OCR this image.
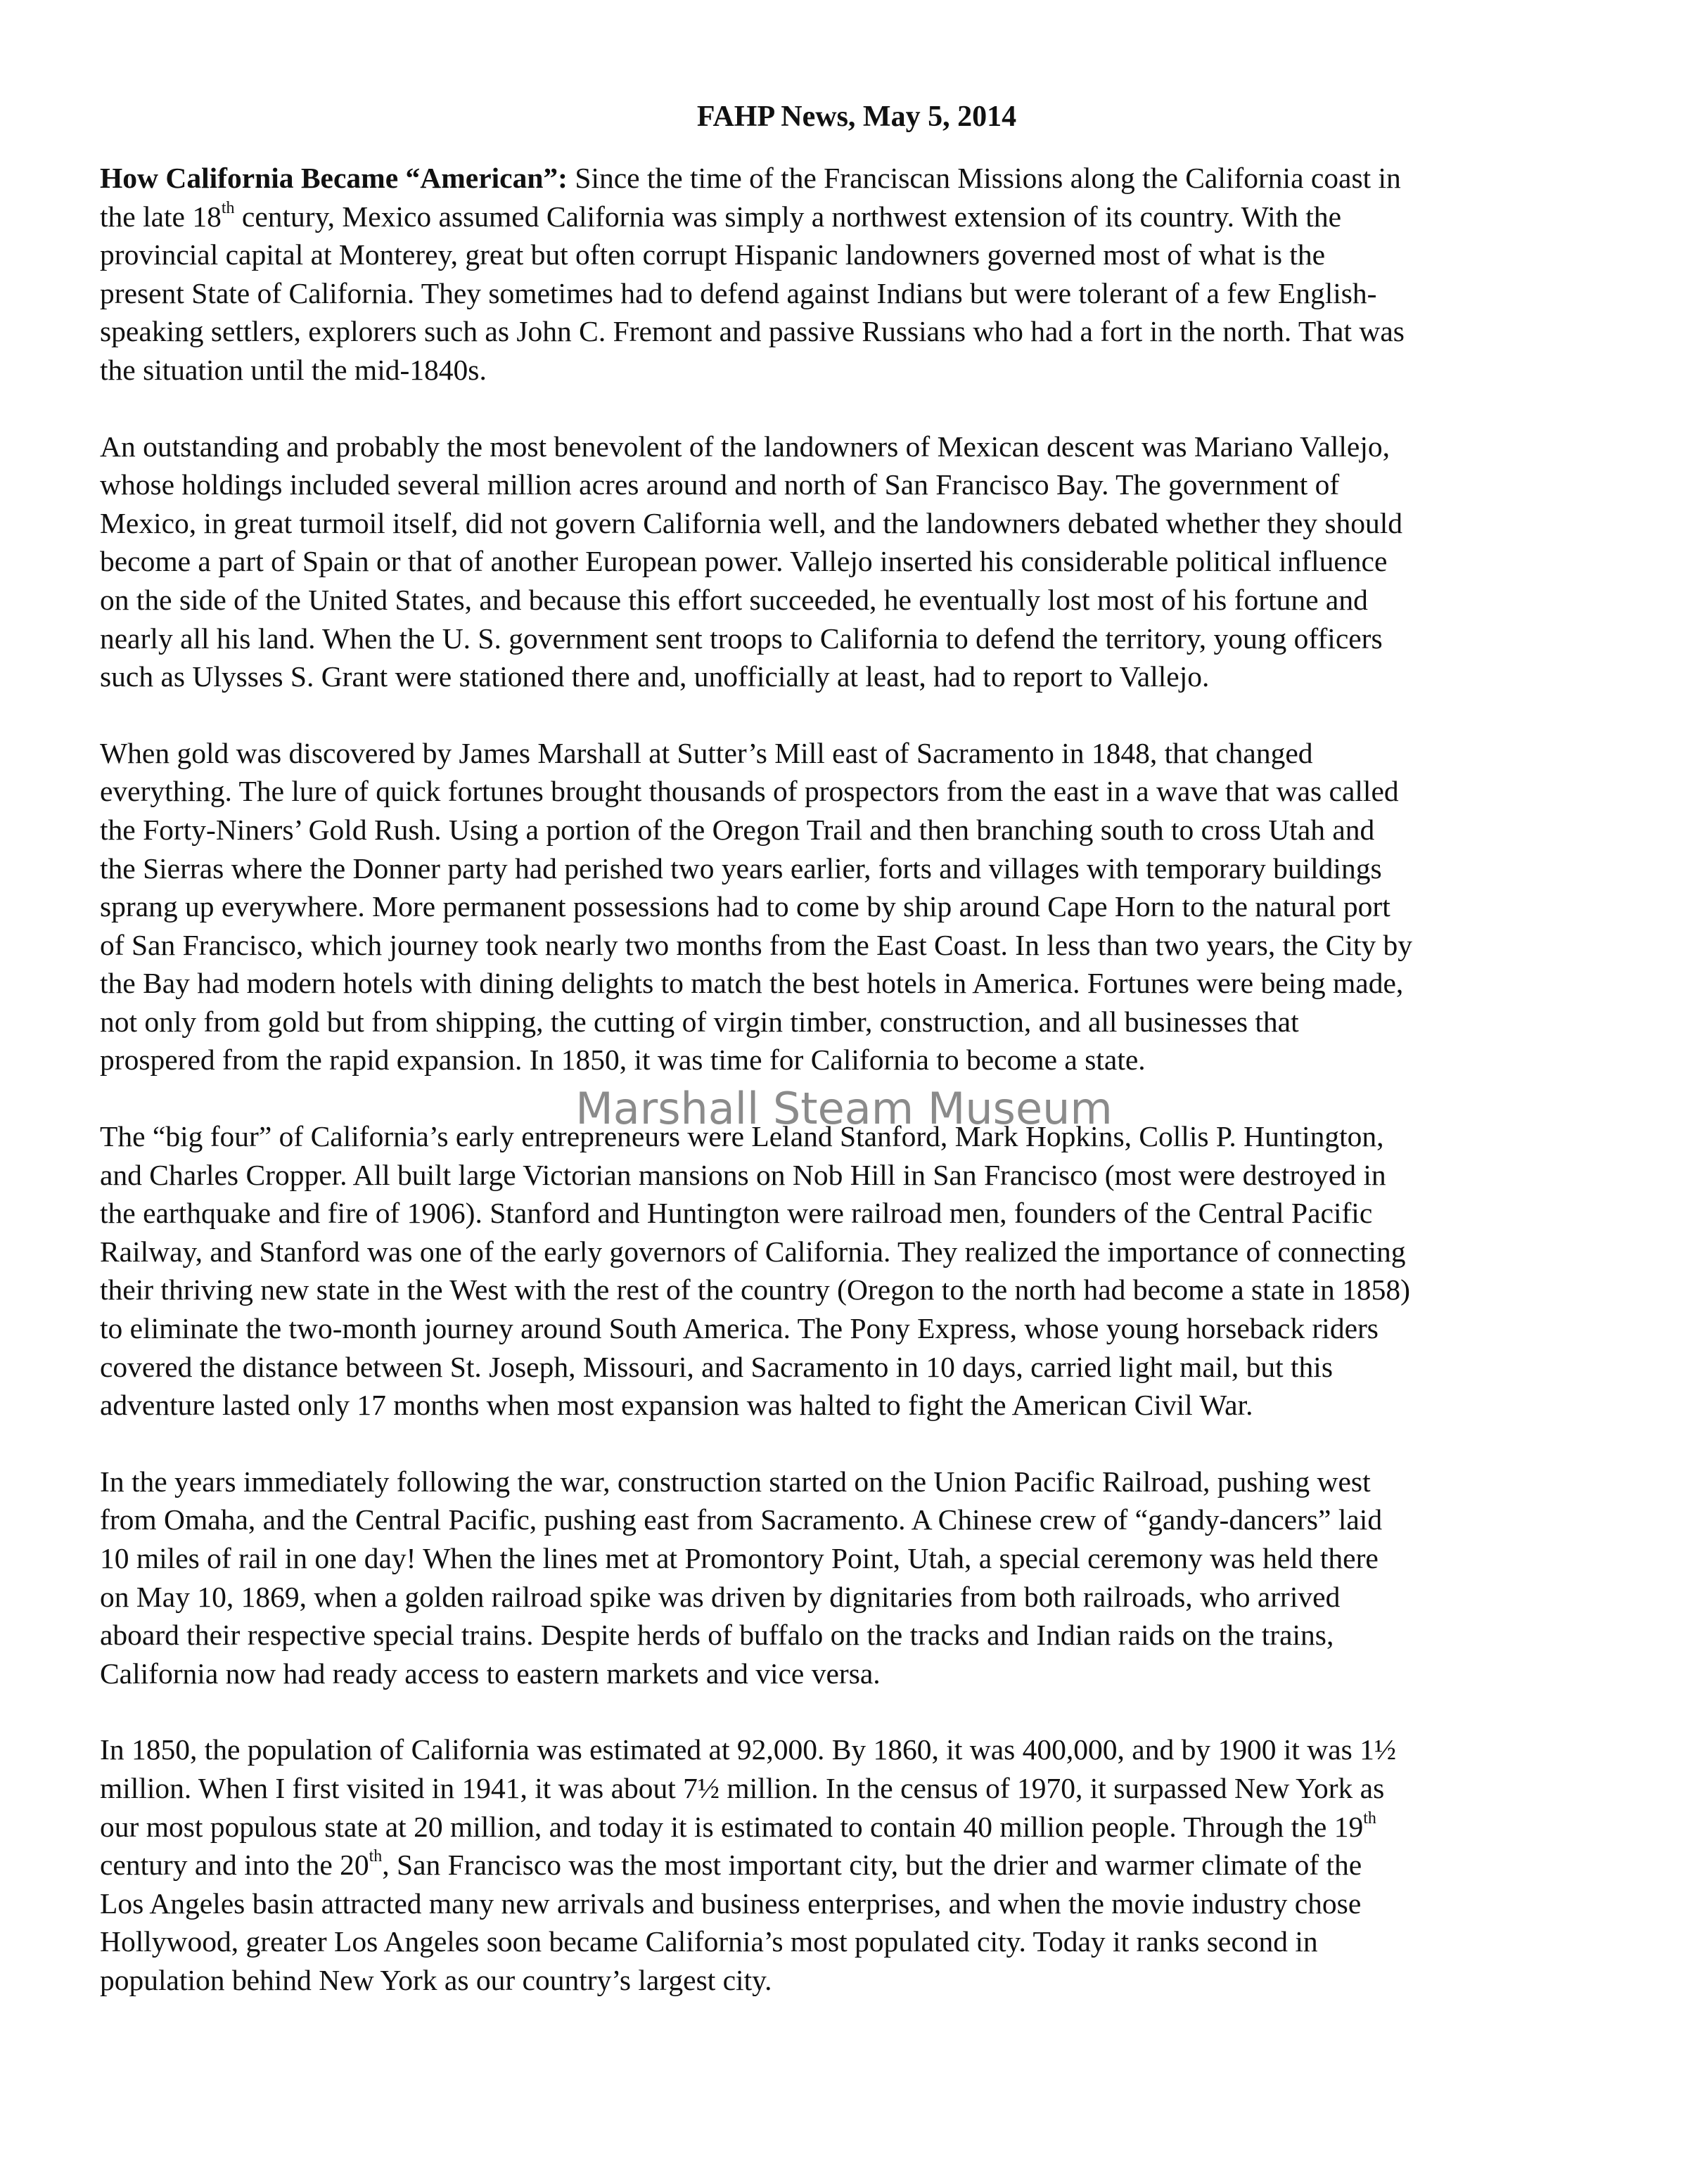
FAHP News, May 5, 2014
How California Became “American”: Since the time of the Franciscan Missions along the California coast in
the late 18th century, Mexico assumed California was simply a northwest extension of its country. With the
provincial capital at Monterey, great but often corrupt Hispanic landowners governed most of what is the
present State of California. They sometimes had to defend against Indians but were tolerant of a few English-
speaking settlers, explorers such as John C. Fremont and passive Russians who had a fort in the north. That was
the situation until the mid-1840s.
An outstanding and probably the most benevolent of the landowners of Mexican descent was Mariano Vallejo,
whose holdings included several million acres around and north of San Francisco Bay. The government of
Mexico, in great turmoil itself, did not govern California well, and the landowners debated whether they should
become a part of Spain or that of another European power. Vallejo inserted his considerable political influence
on the side of the United States, and because this effort succeeded, he eventually lost most of his fortune and
nearly all his land. When the U. S. government sent troops to California to defend the territory, young officers
such as Ulysses S. Grant were stationed there and, unofficially at least, had to report to Vallejo.
When gold was discovered by James Marshall at Sutter’s Mill east of Sacramento in 1848, that changed
everything. The lure of quick fortunes brought thousands of prospectors from the east in a wave that was called
the Forty-Niners’ Gold Rush. Using a portion of the Oregon Trail and then branching south to cross Utah and
the Sierras where the Donner party had perished two years earlier, forts and villages with temporary buildings
sprang up everywhere. More permanent possessions had to come by ship around Cape Horn to the natural port
of San Francisco, which journey took nearly two months from the East Coast. In less than two years, the City by
the Bay had modern hotels with dining delights to match the best hotels in America. Fortunes were being made,
not only from gold but from shipping, the cutting of virgin timber, construction, and all businesses that
prospered from the rapid expansion. In 1850, it was time for California to become a state.
The “big four” of California’s early entrepreneurs were Leland Stanford, Mark Hopkins, Collis P. Huntington,
and Charles Cropper. All built large Victorian mansions on Nob Hill in San Francisco (most were destroyed in
the earthquake and fire of 1906). Stanford and Huntington were railroad men, founders of the Central Pacific
Railway, and Stanford was one of the early governors of California. They realized the importance of connecting
their thriving new state in the West with the rest of the country (Oregon to the north had become a state in 1858)
to eliminate the two-month journey around South America. The Pony Express, whose young horseback riders
covered the distance between St. Joseph, Missouri, and Sacramento in 10 days, carried light mail, but this
adventure lasted only 17 months when most expansion was halted to fight the American Civil War.
In the years immediately following the war, construction started on the Union Pacific Railroad, pushing west
from Omaha, and the Central Pacific, pushing east from Sacramento. A Chinese crew of “gandy-dancers” laid
10 miles of rail in one day! When the lines met at Promontory Point, Utah, a special ceremony was held there
on May 10, 1869, when a golden railroad spike was driven by dignitaries from both railroads, who arrived
aboard their respective special trains. Despite herds of buffalo on the tracks and Indian raids on the trains,
California now had ready access to eastern markets and vice versa.
In 1850, the population of California was estimated at 92,000. By 1860, it was 400,000, and by 1900 it was 1½
million. When I first visited in 1941, it was about 7½ million. In the census of 1970, it surpassed New York as
our most populous state at 20 million, and today it is estimated to contain 40 million people. Through the 19th
century and into the 20th, San Francisco was the most important city, but the drier and warmer climate of the
Los Angeles basin attracted many new arrivals and business enterprises, and when the movie industry chose
Hollywood, greater Los Angeles soon became California’s most populated city. Today it ranks second in
population behind New York as our country’s largest city.
Marshall Steam Museum
